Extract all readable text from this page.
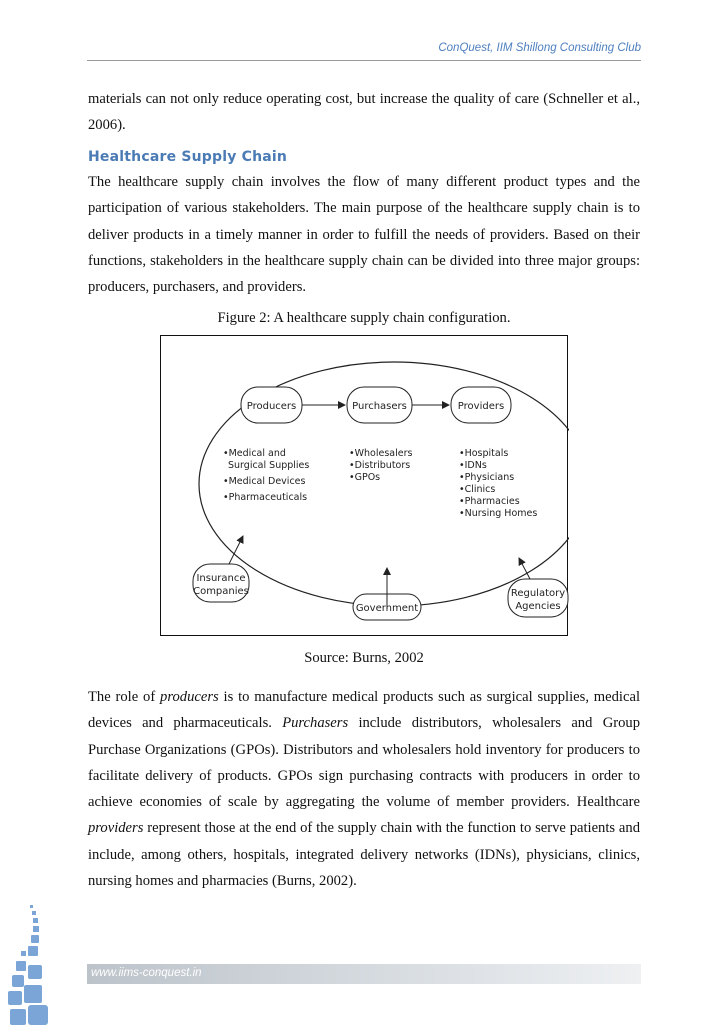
ConQuest, IIM Shillong Consulting Club

materials can not only reduce operating cost, but increase the quality of care (Schneller et al., 2006).

Healthcare Supply Chain

The healthcare supply chain involves the flow of many different product types and the participation of various stakeholders. The main purpose of the healthcare supply chain is to deliver products in a timely manner in order to fulfill the needs of providers. Based on their functions, stakeholders in the healthcare supply chain can be divided into three major groups: producers, purchasers, and providers.

Figure 2: A healthcare supply chain configuration.
Producers	Purchasers	Providers
•Medical and
Surgical Supplies
•Medical Devices
•Pharmaceuticals
•Wholesalers
•Distributors
•GPOs
•Hospitals
•IDNs
•Physicians
•Clinics
•Pharmacies
•Nursing Homes
Insurance
Companies
Government
Regulatory
Agencies
Source: Burns, 2002

The role of producers is to manufacture medical products such as surgical supplies, medical devices and pharmaceuticals. Purchasers include distributors, wholesalers and Group Purchase Organizations (GPOs). Distributors and wholesalers hold inventory for producers to facilitate delivery of products. GPOs sign purchasing contracts with producers in order to achieve economies of scale by aggregating the volume of member providers. Healthcare providers represent those at the end of the supply chain with the function to serve patients and include, among others, hospitals, integrated delivery networks (IDNs), physicians, clinics, nursing homes and pharmacies (Burns, 2002).

www.iims-conquest.in
